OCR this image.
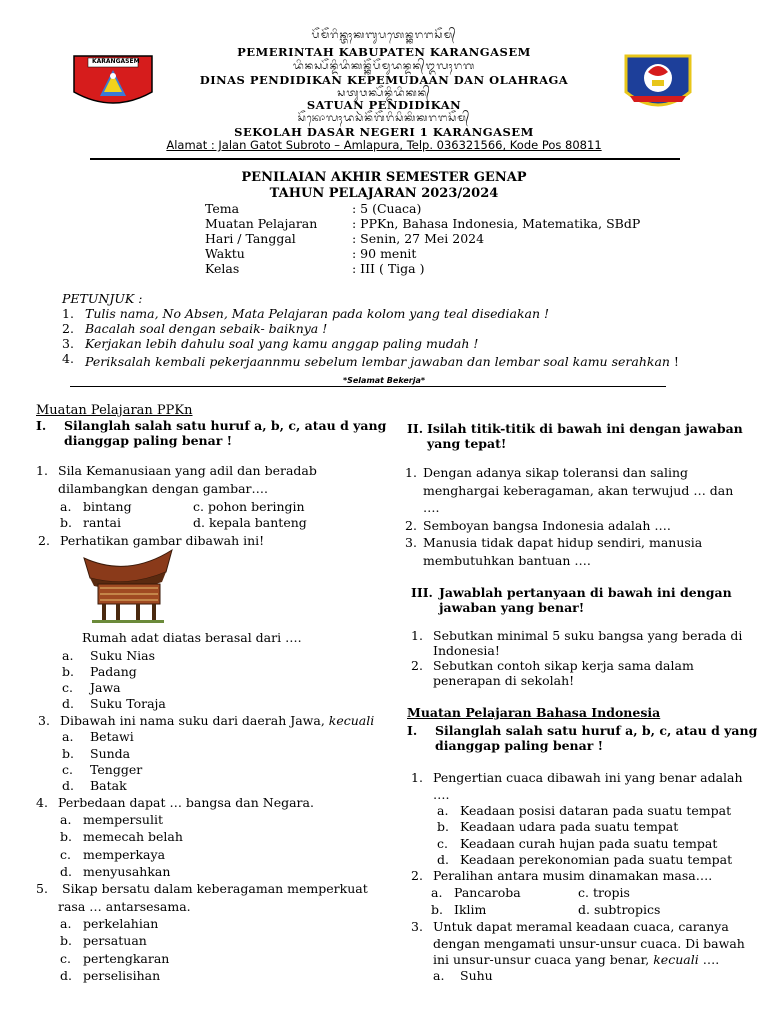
KARANGASEM
ᬧᭂᬫᭂᬭᬶᬦ᭄ᬢᬄᬓᬩᬸᬧᬢᬾᬦ᭄ᬓᬭᬗᬲᭂᬫ᭄
PEMERINTAH KABUPATEN KARANGASEM
ᬤᬶᬦᬲ᭄ᬧᭂᬦ᭄ᬤᬶᬤᬶᬓᬦ᭄ᬓᭂᬧᭂᬫᬸᬤᬦ᭄ᬤᬦ᭄ᬑᬮᬄᬭᬕ
DINAS PENDIDIKAN KEPEMUDAAN DAN OLAHRAGA
ᬲᬢᬸᬯᬦ᭄ᬧᭂᬦ᭄ᬤᬶᬤᬶᬓᬦ᭄
SATUAN PENDIDIKAN
ᬲᭂᬓᭀᬮᬄᬤᬲᬃᬦᭂᬕᭂᬭᬶᬲᬶᬓᬶᬓᬭᬗᬲᭂᬫ᭄
SEKOLAH DASAR NEGERI 1 KARANGASEM
Alamat : Jalan Gatot Subroto – Amlapura, Telp. 036321566, Kode Pos 80811
PENILAIAN AKHIR SEMESTER GENAP
TAHUN PELAJARAN 2023/2024
Tema	: 5 (Cuaca)
Muatan Pelajaran	: PPKn, Bahasa Indonesia, Matematika, SBdP
Hari / Tanggal	: Senin, 27 Mei 2024
Waktu	: 90 menit
Kelas	: III ( Tiga )
PETUNJUK :
1. Tulis nama, No Absen, Mata Pelajaran pada kolom yang teal disediakan !
2. Bacalah soal dengan sebaik- baiknya !
3. Kerjakan lebih dahulu soal yang kamu anggap paling mudah !
4. Periksalah kembali pekerjaannmu sebelum lembar jawaban dan lembar soal kamu serahkan !
*Selamat Bekerja*
Muatan Pelajaran PPKn
I. Silanglah salah satu huruf a, b, c, atau d yang
dianggap paling benar !
1. Sila Kemanusiaan yang adil dan beradab
dilambangkan dengan gambar….
a. bintang	c. pohon beringin
b. rantai	d. kepala banteng
2. Perhatikan gambar dibawah ini!
Rumah adat diatas berasal dari ….
a. Suku Nias
b. Padang
c. Jawa
d. Suku Toraja
3. Dibawah ini nama suku dari daerah Jawa, kecuali
a. Betawi
b. Sunda
c. Tengger
d. Batak
4. Perbedaan dapat … bangsa dan Negara.
a. mempersulit
b. memecah belah
c. memperkaya
d. menyusahkan
5. Sikap bersatu dalam keberagaman memperkuat
rasa … antarsesama.
a. perkelahian
b. persatuan
c. pertengkaran
d. perselisihan
II. Isilah titik-titik di bawah ini dengan jawaban
yang tepat!
1. Dengan adanya sikap toleransi dan saling
menghargai keberagaman, akan terwujud … dan
….
2. Semboyan bangsa Indonesia adalah ….
3. Manusia tidak dapat hidup sendiri, manusia
membutuhkan bantuan ….
III. Jawablah pertanyaan di bawah ini dengan
jawaban yang benar!
1. Sebutkan minimal 5 suku bangsa yang berada di
Indonesia!
2. Sebutkan contoh sikap kerja sama dalam
penerapan di sekolah!
Muatan Pelajaran Bahasa Indonesia
I. Silanglah salah satu huruf a, b, c, atau d yang
dianggap paling benar !
1. Pengertian cuaca dibawah ini yang benar adalah
….
a. Keadaan posisi dataran pada suatu tempat
b. Keadaan udara pada suatu tempat
c. Keadaan curah hujan pada suatu tempat
d. Keadaan perekonomian pada suatu tempat
2. Peralihan antara musim dinamakan masa….
a. Pancaroba	c. tropis
b. Iklim	d. subtropics
3. Untuk dapat meramal keadaan cuaca, caranya
dengan mengamati unsur-unsur cuaca. Di bawah
ini unsur-unsur cuaca yang benar, kecuali ….
a. Suhu
